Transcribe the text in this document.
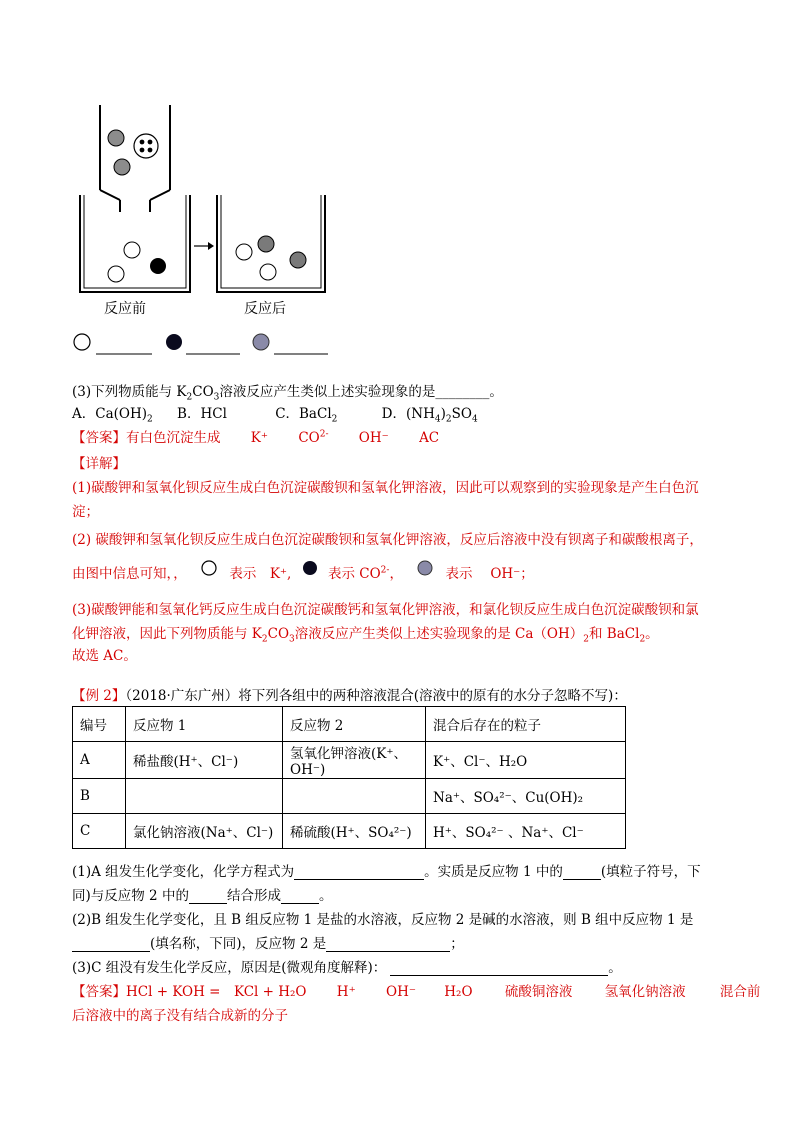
反应前	反应后
(3)下列物质能与 $K_2CO_3$溶液反应产生类似上述实验现象的是________。
A．$Ca(OH)_2$ B．HCl	C．BaCl$_2$	D．$(NH_4)_2SO_4$
【答案】有白色沉淀生成 K⁺ $CO^{2-}$ OH⁻ AC
【详解】
(1)碳酸钾和氢氧化钡反应生成白色沉淀碳酸钡和氢氧化钾溶液，因此可以观察到的实验现象是产生白色沉
淀；
(2) 碳酸钾和氢氧化钡反应生成白色沉淀碳酸钡和氢氧化钾溶液，反应后溶液中没有钡离子和碳酸根离子，
由图中信息可知，，	表示　K⁺,	表示 $CO^{2-}$，	表示　 OH⁻；
(3)碳酸钾能和氢氧化钙反应生成白色沉淀碳酸钙和氢氧化钾溶液，和氯化钡反应生成白色沉淀碳酸钡和氯
化钾溶液，因此下列物质能与 $K_2CO_3$溶液反应产生类似上述实验现象的是 $Ca(OH)_2$和 BaCl$_2$。
故选 AC。
【例 2】（2018·广东广州）将下列各组中的两种溶液混合(溶液中的原有的水分子忽略不写)：
编号	反应物 1	反应物 2	混合后存在的粒子
A	稀盐酸(H⁺、Cl⁻)	氢氧化钾溶液(K⁺、OH⁻)	K⁺、Cl⁻、H₂O
B			Na⁺、SO₄²⁻、Cu(OH)₂
C	氯化钠溶液(Na⁺、Cl⁻)	稀硫酸(H⁺、SO₄²⁻)	H⁺、SO₄²⁻ 、Na⁺、Cl⁻
(1)A 组发生化学变化，化学方程式为	。实质是反应物 1 中的	(填粒子符号，下
同)与反应物 2 中的	结合形成	。
(2)B 组发生化学变化，且 B 组反应物 1 是盐的水溶液，反应物 2 是碱的水溶液，则 B 组中反应物 1 是
(填名称，下同)，反应物 2 是	；
(3)C 组没有发生化学反应，原因是(微观角度解释)：	。
【答案】HCl + KOH =　KCl + H₂O H⁺ OH⁻ H₂O 硫酸铜溶液 氢氧化钠溶液	混合前
后溶液中的离子没有结合成新的分子
